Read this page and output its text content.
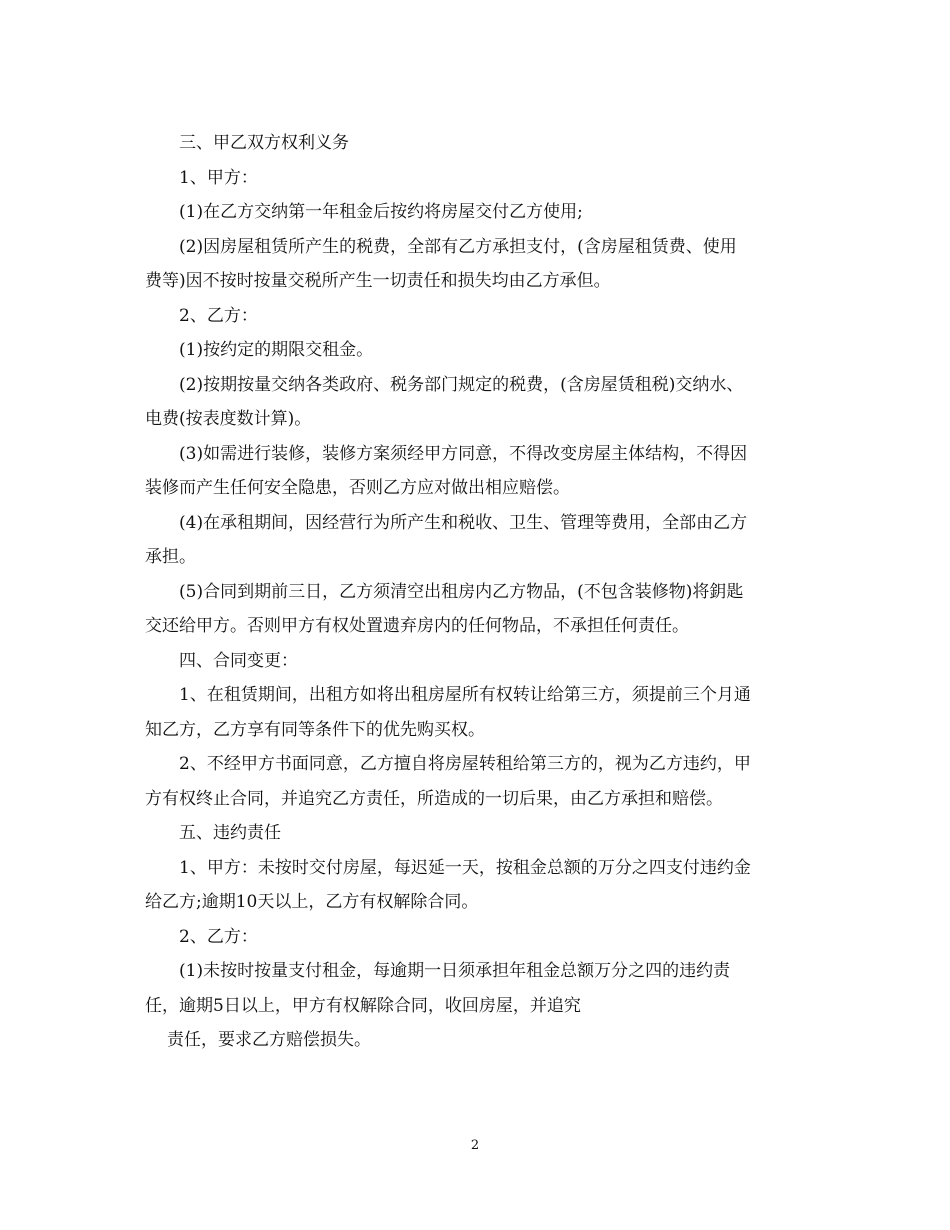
三、甲乙双方权利义务
1、甲方：
(1)在乙方交纳第一年租金后按约将房屋交付乙方使用;
(2)因房屋租赁所产生的税费，全部有乙方承担支付，(含房屋租赁费、使用
费等)因不按时按量交税所产生一切责任和损失均由乙方承但。
2、乙方：
(1)按约定的期限交租金。
(2)按期按量交纳各类政府、税务部门规定的税费，(含房屋赁租税)交纳水、
电费(按表度数计算)。
(3)如需进行装修，装修方案须经甲方同意，不得改变房屋主体结构，不得因
装修而产生任何安全隐患，否则乙方应对做出相应赔偿。
(4)在承租期间，因经营行为所产生和税收、卫生、管理等费用，全部由乙方
承担。
(5)合同到期前三日，乙方须清空出租房内乙方物品，(不包含装修物)将鈅匙
交还给甲方。否则甲方有权处置遗弃房内的任何物品，不承担任何责任。
四、合同变更：
1、在租赁期间，出租方如将出租房屋所有权转让给第三方，须提前三个月通
知乙方，乙方享有同等条件下的优先购买权。
2、不经甲方书面同意，乙方擅自将房屋转租给第三方的，视为乙方违约，甲
方有权终止合同，并追究乙方责任，所造成的一切后果，由乙方承担和赔偿。
五、违约责任
1、甲方：未按时交付房屋，每迟延一天，按租金总额的万分之四支付违约金
给乙方;逾期10天以上，乙方有权解除合同。
2、乙方：
(1)未按时按量支付租金，每逾期一日须承担年租金总额万分之四的违约责
任，逾期5日以上，甲方有权解除合同，收回房屋，并追究
责任，要求乙方赔偿损失。
2
